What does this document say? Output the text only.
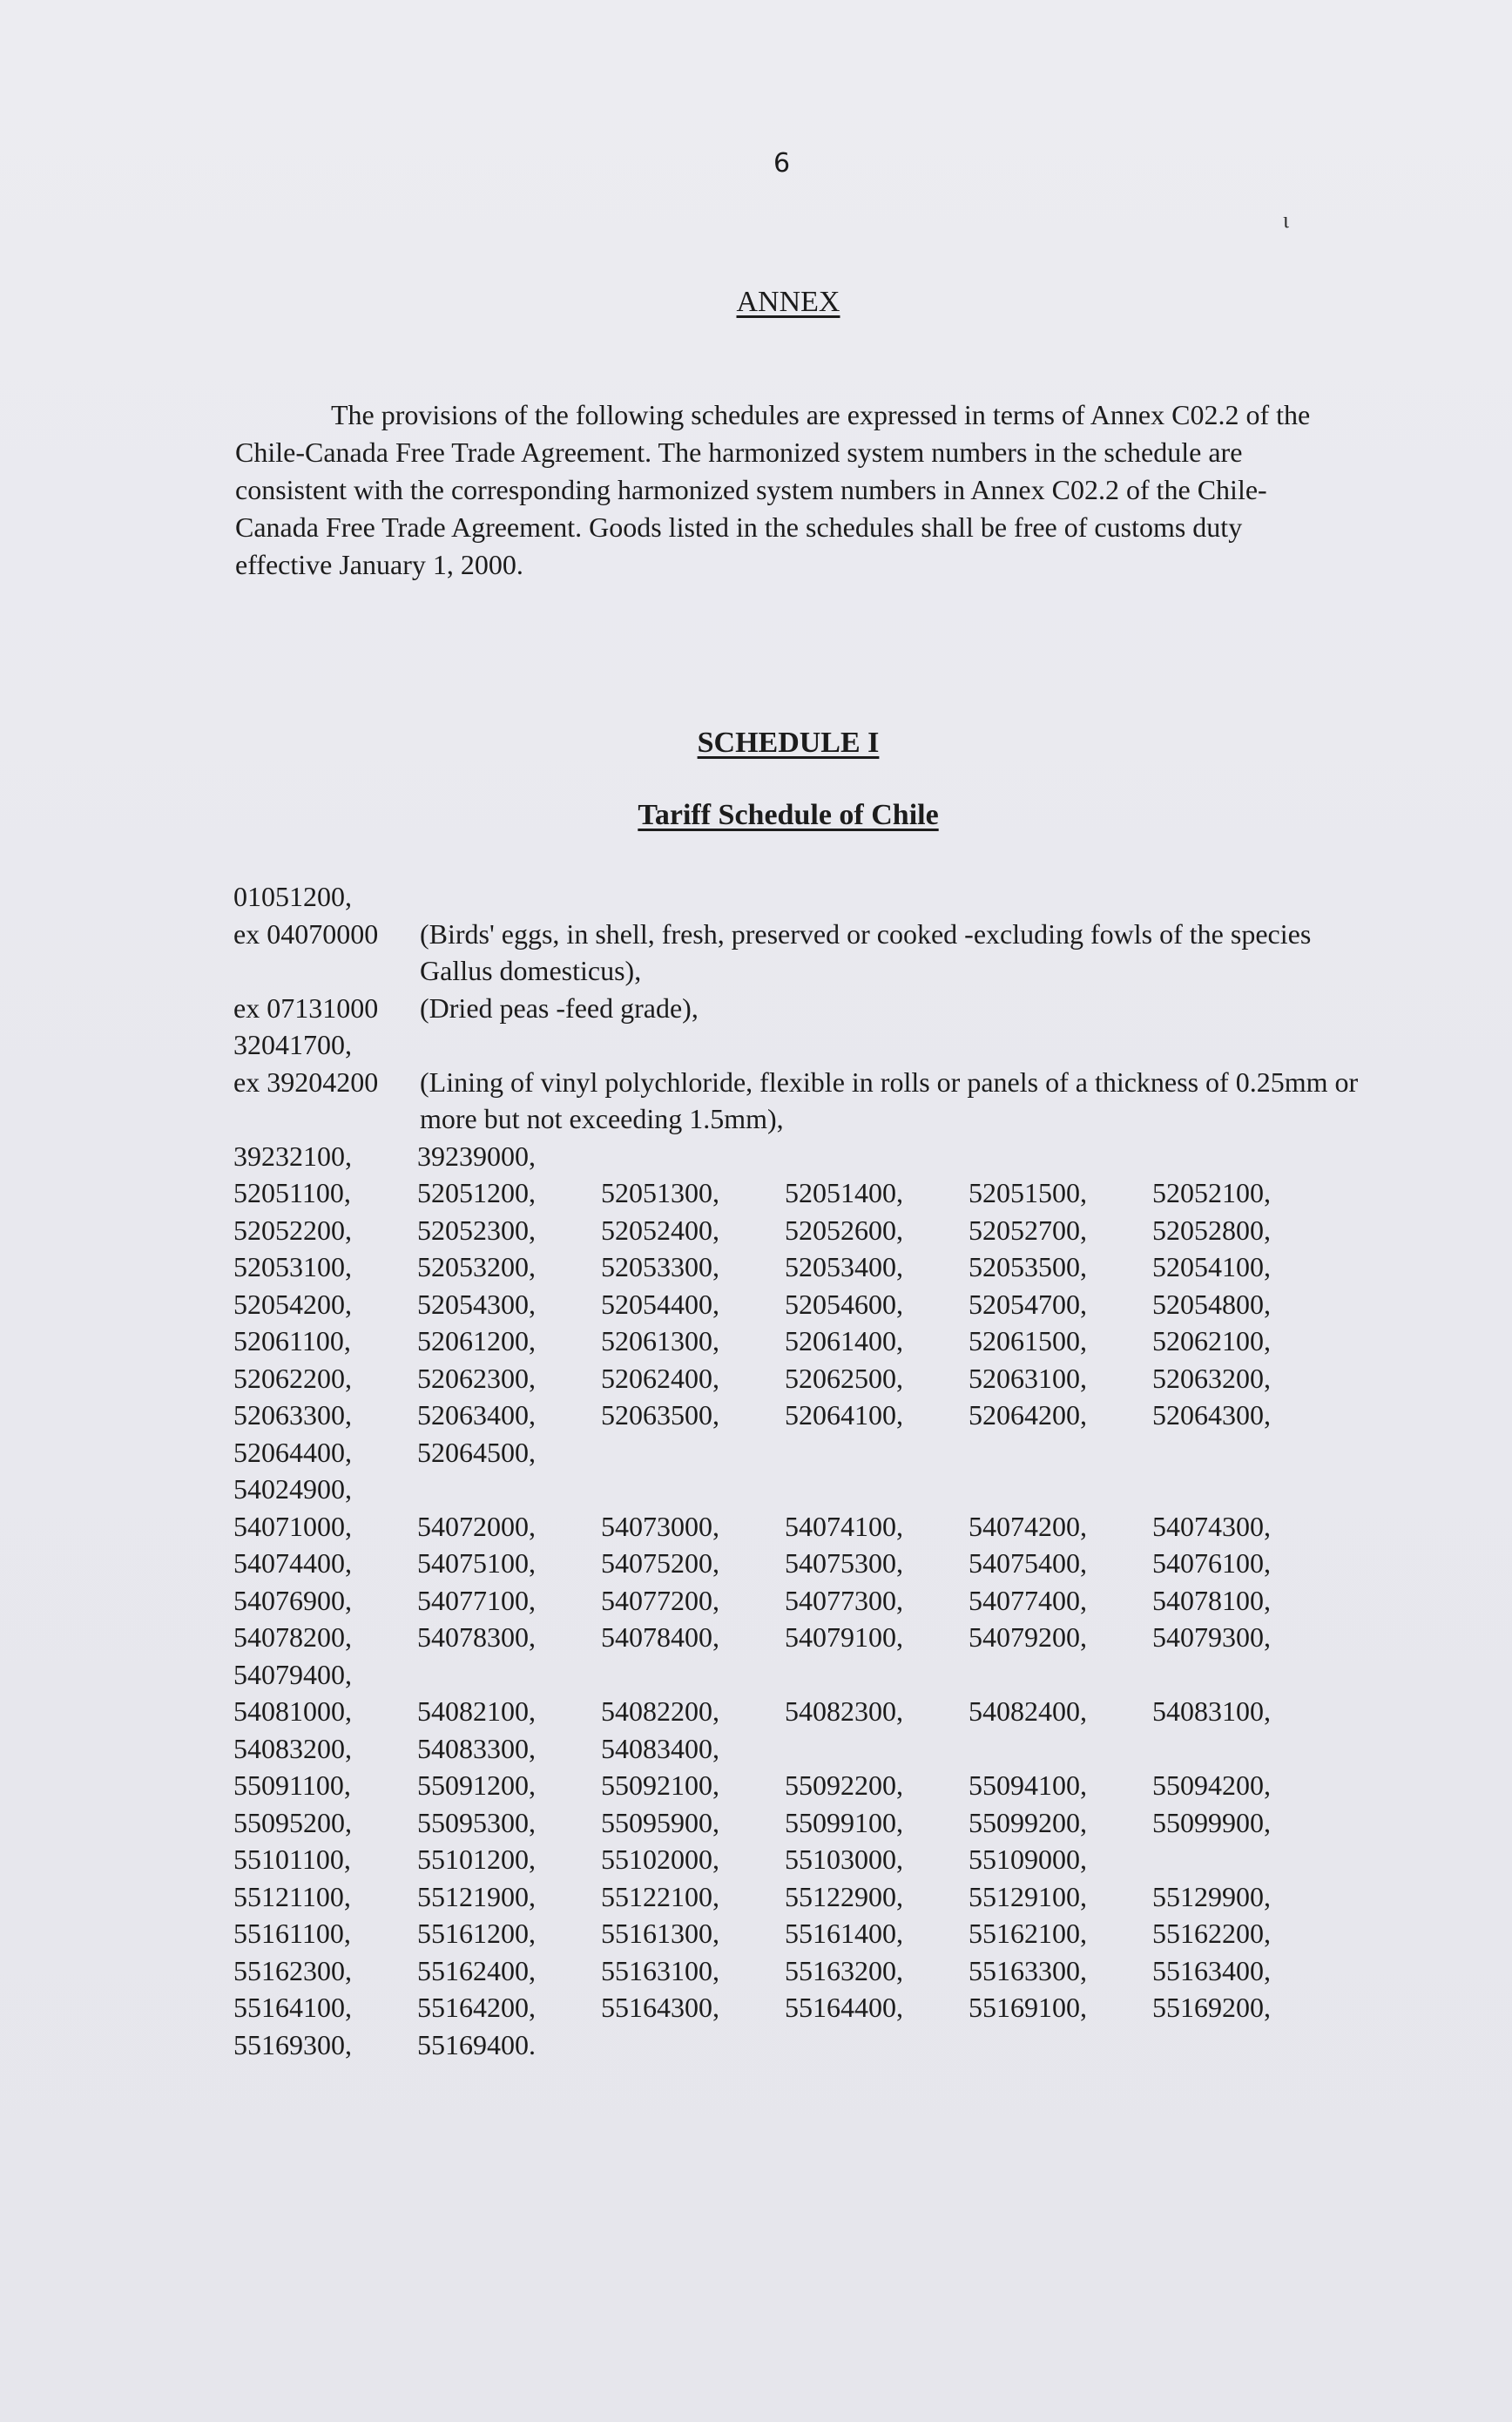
6
ι
ANNEX

The provisions of the following schedules are expressed in terms of Annex C02.2 of the Chile-Canada Free Trade Agreement. The harmonized system numbers in the schedule are consistent with the corresponding harmonized system numbers in Annex C02.2 of the Chile-Canada Free Trade Agreement. Goods listed in the schedules shall be free of customs duty effective January 1, 2000.

SCHEDULE I
Tariff Schedule of Chile
01051200,
ex 04070000	(Birds' eggs, in shell, fresh, preserved or cooked -excluding fowls of the species Gallus domesticus),
ex 07131000	(Dried peas -feed grade),
32041700,
ex 39204200	(Lining of vinyl polychloride, flexible in rolls or panels of a thickness of 0.25mm or more but not exceeding 1.5mm),
39232100,	39239000,
52051100,	52051200,	52051300,	52051400,	52051500,	52052100,
52052200,	52052300,	52052400,	52052600,	52052700,	52052800,
52053100,	52053200,	52053300,	52053400,	52053500,	52054100,
52054200,	52054300,	52054400,	52054600,	52054700,	52054800,
52061100,	52061200,	52061300,	52061400,	52061500,	52062100,
52062200,	52062300,	52062400,	52062500,	52063100,	52063200,
52063300,	52063400,	52063500,	52064100,	52064200,	52064300,
52064400,	52064500,
54024900,
54071000,	54072000,	54073000,	54074100,	54074200,	54074300,
54074400,	54075100,	54075200,	54075300,	54075400,	54076100,
54076900,	54077100,	54077200,	54077300,	54077400,	54078100,
54078200,	54078300,	54078400,	54079100,	54079200,	54079300,
54079400,
54081000,	54082100,	54082200,	54082300,	54082400,	54083100,
54083200,	54083300,	54083400,
55091100,	55091200,	55092100,	55092200,	55094100,	55094200,
55095200,	55095300,	55095900,	55099100,	55099200,	55099900,
55101100,	55101200,	55102000,	55103000,	55109000,
55121100,	55121900,	55122100,	55122900,	55129100,	55129900,
55161100,	55161200,	55161300,	55161400,	55162100,	55162200,
55162300,	55162400,	55163100,	55163200,	55163300,	55163400,
55164100,	55164200,	55164300,	55164400,	55169100,	55169200,
55169300,	55169400.
